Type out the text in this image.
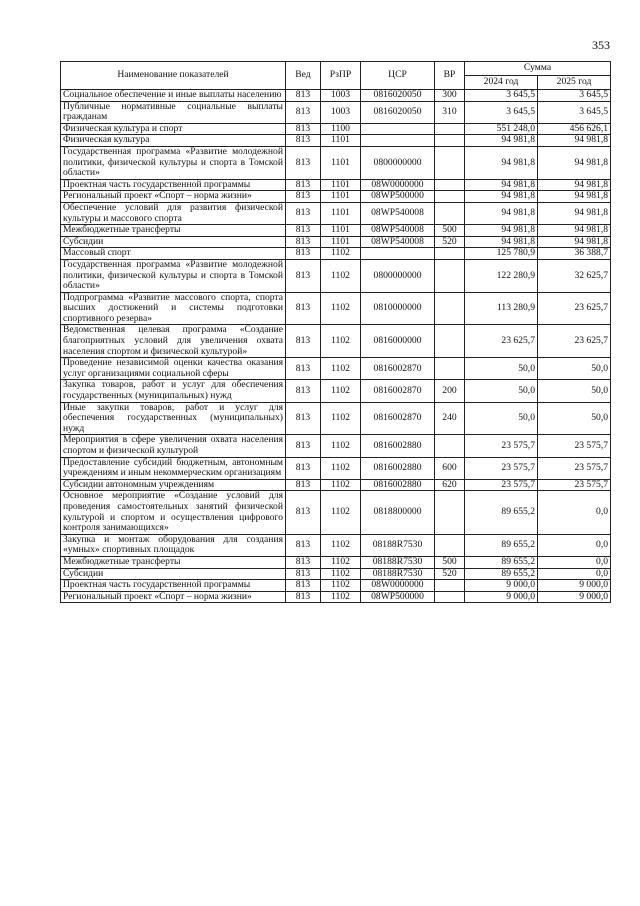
353
Наименование показателей	Вед	РзПР	ЦСР	ВР	Сумма	
					2024 год	2025 год
Социальное обеспечение и иные выплаты населению	813	1003	0816020050	300	3 645,5	3 645,5
Публичные нормативные социальные выплаты гражданам	813	1003	0816020050	310	3 645,5	3 645,5
Физическая культура и спорт	813	1100			551 248,0	456 626,1
Физическая культура	813	1101			94 981,8	94 981,8
Государственная программа «Развитие молодежной политики, физической культуры и спорта в Томской области»	813	1101	0800000000		94 981,8	94 981,8
Проектная часть государственной программы	813	1101	08W0000000		94 981,8	94 981,8
Региональный проект «Спорт – норма жизни»	813	1101	08WP500000		94 981,8	94 981,8
Обеспечение условий для развития физической культуры и массового спорта	813	1101	08WP540008		94 981,8	94 981,8
Межбюджетные трансферты	813	1101	08WP540008	500	94 981,8	94 981,8
Субсидии	813	1101	08WP540008	520	94 981,8	94 981,8
Массовый спорт	813	1102			125 780,9	36 388,7
Государственная программа «Развитие молодежной политики, физической культуры и спорта в Томской области»	813	1102	0800000000		122 280,9	32 625,7
Подпрограмма «Развитие массового спорта, спорта высших достижений и системы подготовки спортивного резерва»	813	1102	0810000000		113 280,9	23 625,7
Ведомственная целевая программа «Создание благоприятных условий для увеличения охвата населения спортом и физической культурой»	813	1102	0816000000		23 625,7	23 625,7
Проведение независимой оценки качества оказания услуг организациями социальной сферы	813	1102	0816002870		50,0	50,0
Закупка товаров, работ и услуг для обеспечения государственных (муниципальных) нужд	813	1102	0816002870	200	50,0	50,0
Иные закупки товаров, работ и услуг для обеспечения государственных (муниципальных) нужд	813	1102	0816002870	240	50,0	50,0
Мероприятия в сфере увеличения охвата населения спортом и физической культурой	813	1102	0816002880		23 575,7	23 575,7
Предоставление субсидий бюджетным, автономным учреждениям и иным некоммерческим организациям	813	1102	0816002880	600	23 575,7	23 575,7
Субсидии автономным учреждениям	813	1102	0816002880	620	23 575,7	23 575,7
Основное мероприятие «Создание условий для проведения самостоятельных занятий физической культурой и спортом и осуществления цифрового контроля занимающихся»	813	1102	0818800000		89 655,2	0,0
Закупка и монтаж оборудования для создания «умных» спортивных площадок	813	1102	08188R7530		89 655,2	0,0
Межбюджетные трансферты	813	1102	08188R7530	500	89 655,2	0,0
Субсидии	813	1102	08188R7530	520	89 655,2	0,0
Проектная часть государственной программы	813	1102	08W0000000		9 000,0	9 000,0
Региональный проект «Спорт – норма жизни»	813	1102	08WP500000		9 000,0	9 000,0
